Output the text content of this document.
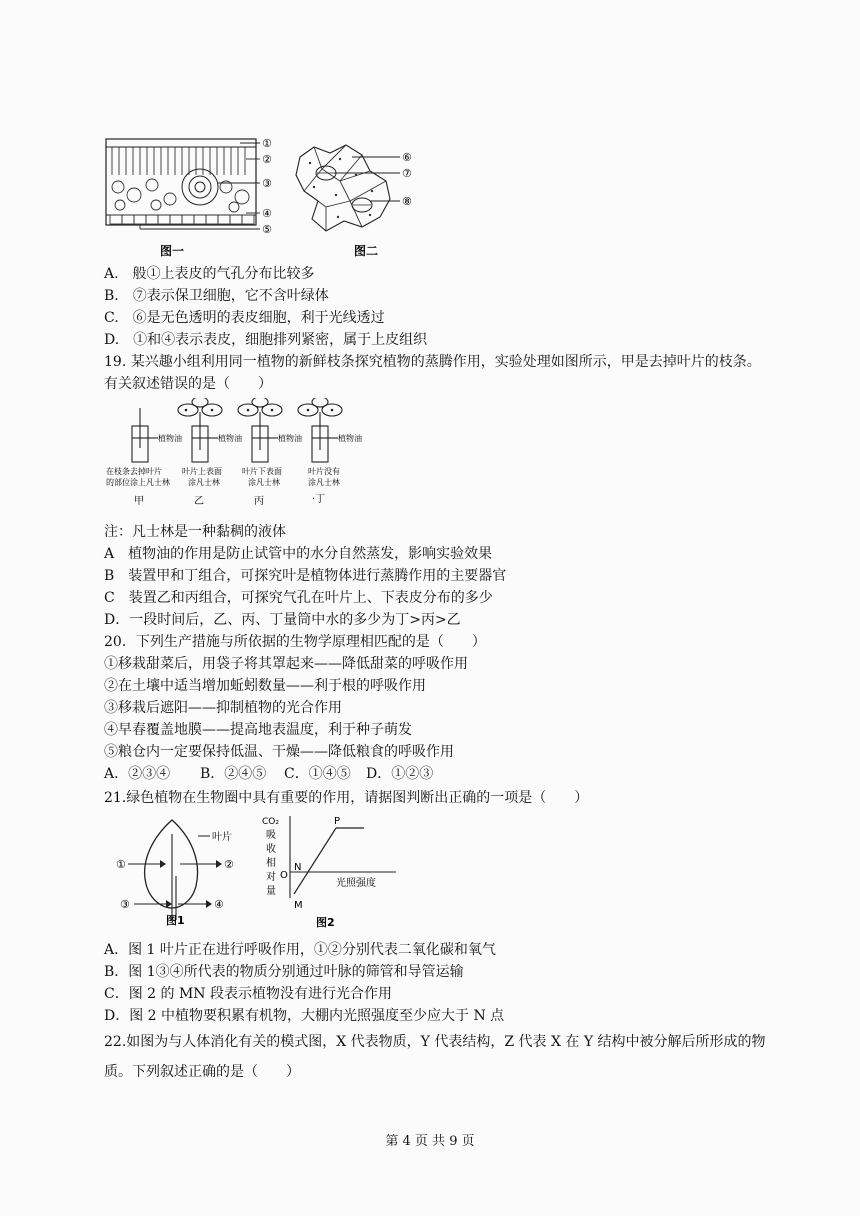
①
②
③
④
⑤
图一
⑥
⑦
⑧
图二
A.　般①上表皮的气孔分布比较多
B.　⑦表示保卫细胞，它不含叶绿体
C.　⑥是无色透明的表皮细胞，利于光线透过
D.　①和④表示表皮，细胞排列紧密，属于上皮组织
19. 某兴趣小组利用同一植物的新鲜枝条探究植物的蒸腾作用，实验处理如图所示，甲是去掉叶片的枝条。
有关叙述错误的是（　　）
植物油	植物油	植物油	植物油
在枝条去掉叶片
的部位涂上凡士林
叶片上表面
涂凡士林
叶片下表面
涂凡士林
叶片没有
涂凡士林
甲	乙	丙	·丁
注：凡士林是一种黏稠的液体
A　植物油的作用是防止试管中的水分自然蒸发，影响实验效果
B　装置甲和丁组合，可探究叶是植物体进行蒸腾作用的主要器官
C　装置乙和丙组合，可探究气孔在叶片上、下表皮分布的多少
D．一段时间后，乙、丙、丁量筒中水的多少为丁>丙>乙
20．下列生产措施与所依据的生物学原理相匹配的是（　　）
①移栽甜菜后，用袋子将其罩起来——降低甜菜的呼吸作用
②在土壤中适当增加蚯蚓数量——利于根的呼吸作用
③移栽后遮阳——抑制植物的光合作用
④早春覆盖地膜——提高地表温度，利于种子萌发
⑤粮仓内一定要保持低温、干燥——降低粮食的呼吸作用
A．②③④ B．②④⑤ C．①④⑤ D．①②③
21.绿色植物在生物圈中具有重要的作用，请据图判断出正确的一项是（　　）
叶片
①	②
③	④
图1
CO₂
吸
收
相
对
量
P
N
O
M
光照强度
图2
A．图 1 叶片正在进行呼吸作用，①②分别代表二氧化碳和氧气
B．图 1③④所代表的物质分别通过叶脉的筛管和导管运输
C．图 2 的 MN 段表示植物没有进行光合作用
D．图 2 中植物要积累有机物，大棚内光照强度至少应大于 N 点
22.如图为与人体消化有关的模式图，X 代表物质，Y 代表结构，Z 代表 X 在 Y 结构中被分解后所形成的物
质。下列叙述正确的是（　　）
第 4 页 共 9 页
